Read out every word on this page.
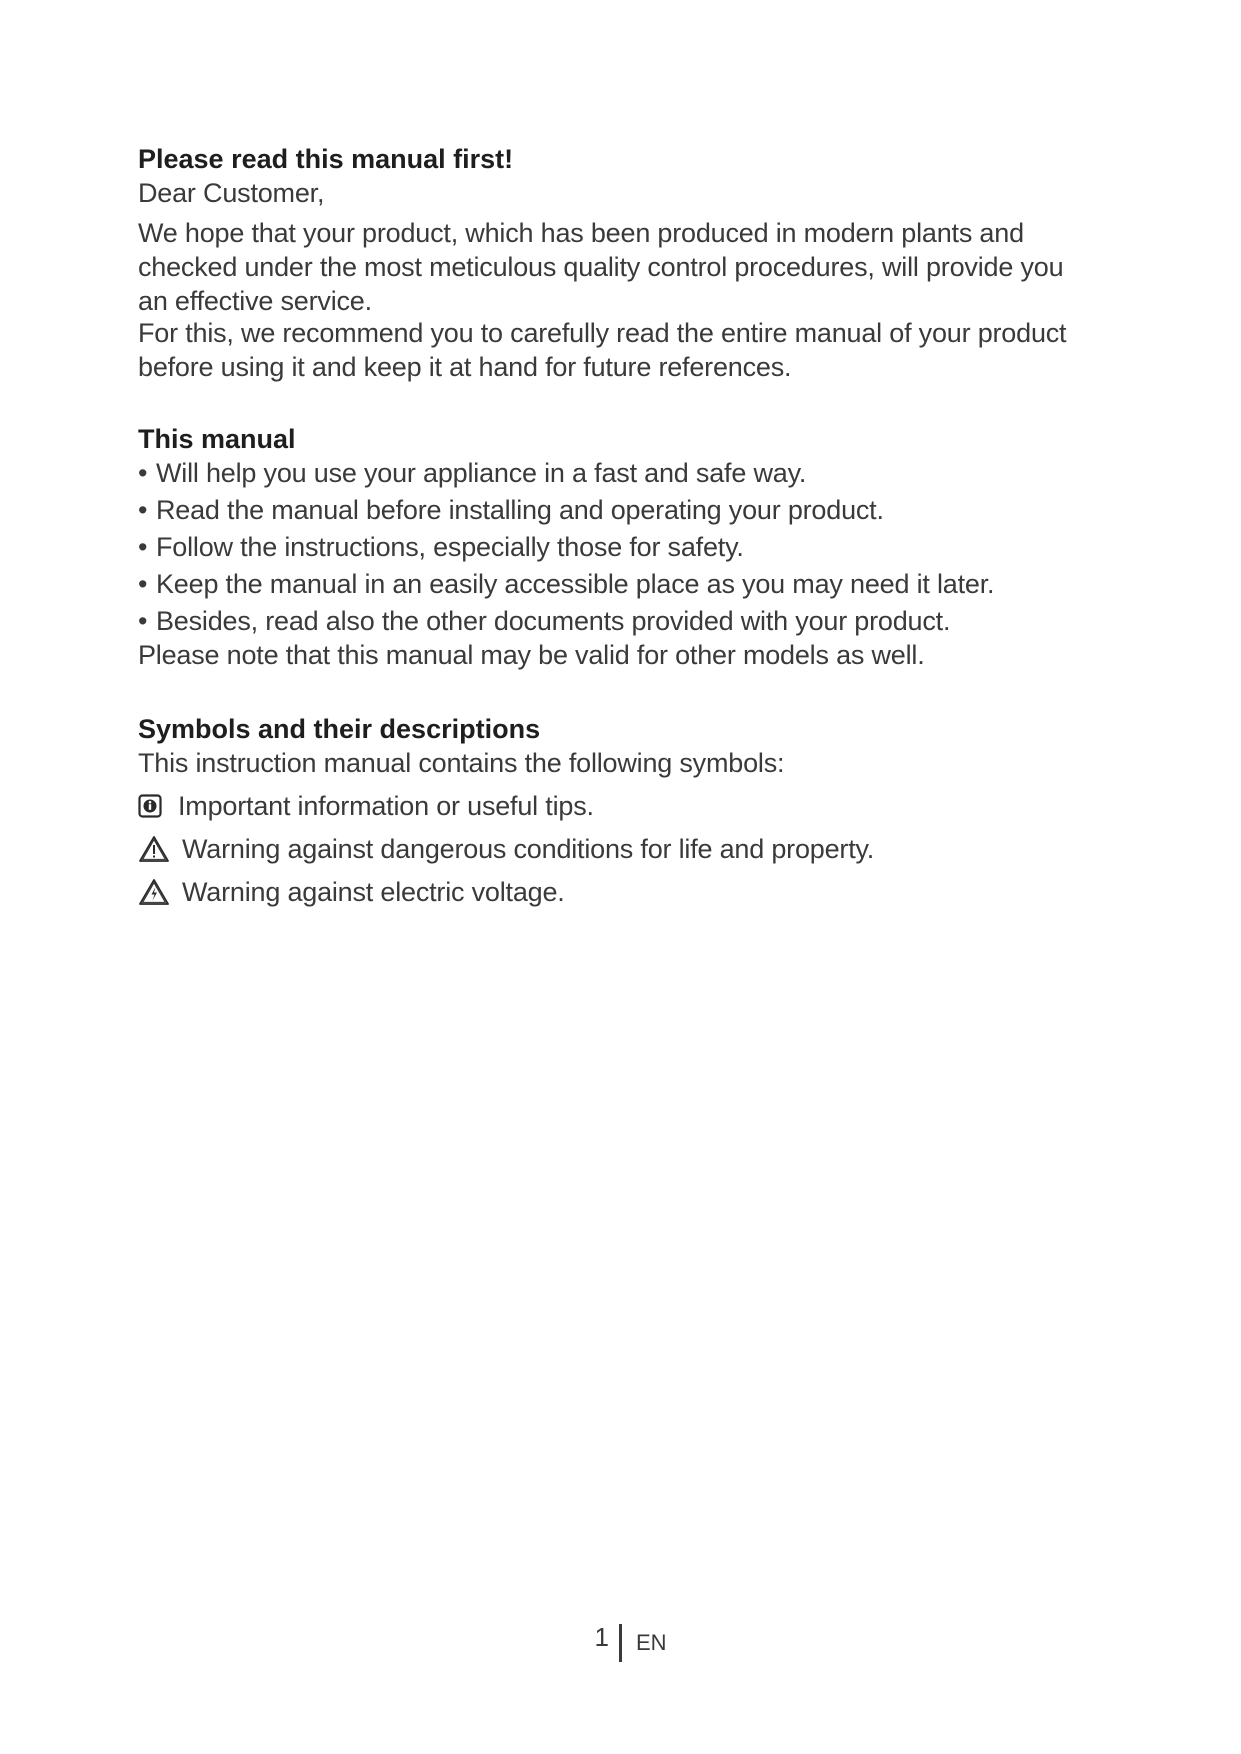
Please read this manual first!

Dear Customer,

We hope that your product, which has been produced in modern plants and checked under the most meticulous quality control procedures, will provide you an effective service.

For this, we recommend you to carefully read the entire manual of your product before using it and keep it at hand for future references.

This manual
• Will help you use your appliance in a fast and safe way.
• Read the manual before installing and operating your product.
• Follow the instructions, especially those for safety.
• Keep the manual in an easily accessible place as you may need it later.
• Besides, read also the other documents provided with your product.

Please note that this manual may be valid for other models as well.

Symbols and their descriptions

This instruction manual contains the following symbols:

Important information or useful tips.
Warning against dangerous conditions for life and property.
Warning against electric voltage.
1 EN
